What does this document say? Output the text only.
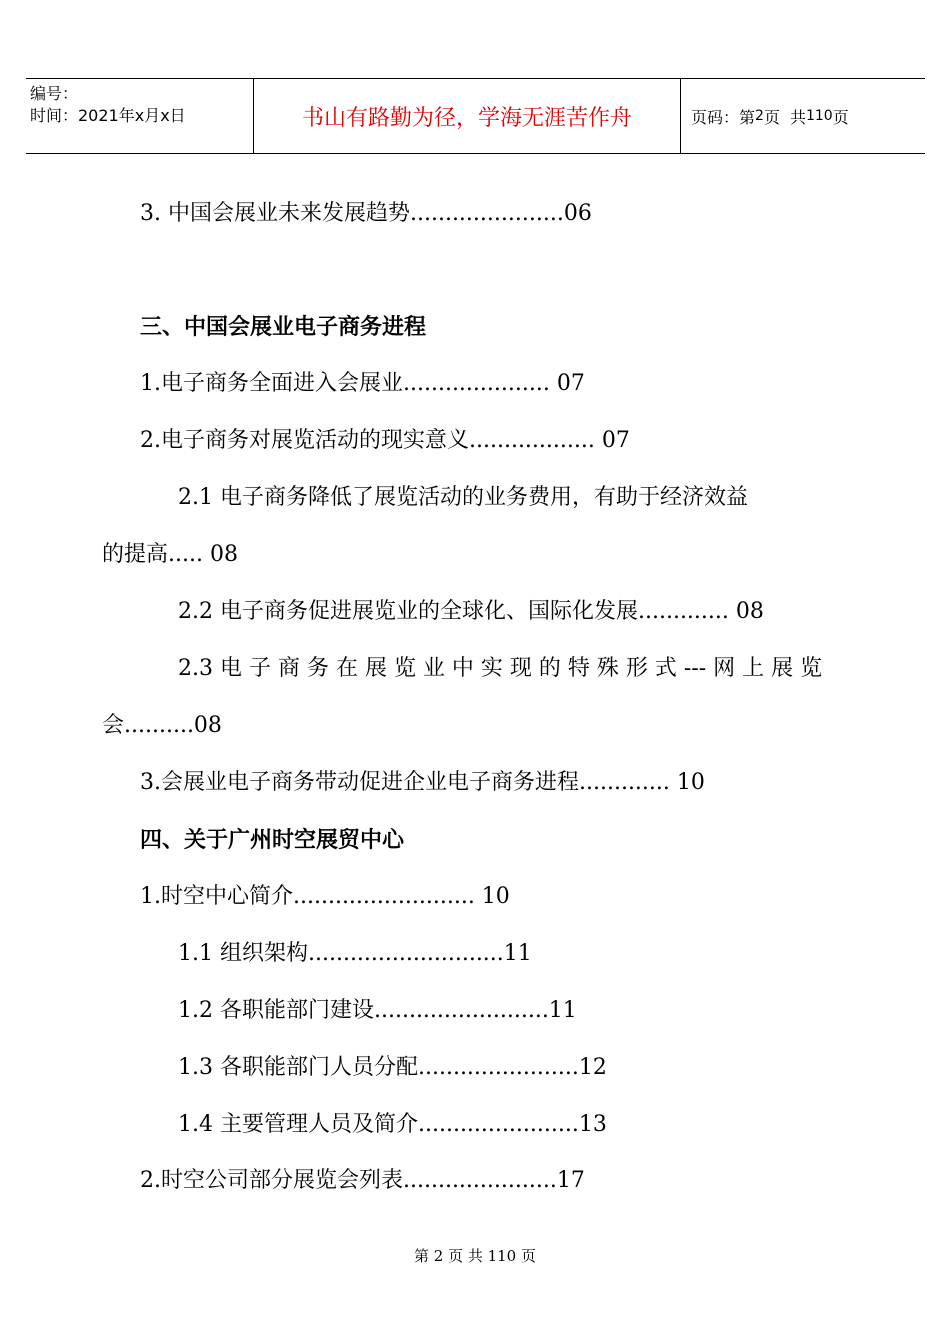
编号：
时间：2021年x月x日	书山有路勤为径，学海无涯苦作舟	页码：第 2 页 共 110 页
3. 中国会展业未来发展趋势......................06
三、中国会展业电子商务进程
1.电子商务全面进入会展业..................... 07
2.电子商务对展览活动的现实意义.................. 07
2.1 电子商务降低了展览活动的业务费用，有助于经济效益
的提高..... 08
2.2 电子商务促进展览业的全球化、国际化发展............. 08
2.3 电 子 商 务 在 展 览 业 中 实 现 的 特 殊 形 式 --- 网 上 展 览
会..........08
3.会展业电子商务带动促进企业电子商务进程............. 10
四、关于广州时空展贸中心
1.时空中心简介.......................... 10
1.1 组织架构............................11
1.2 各职能部门建设.........................11
1.3 各职能部门人员分配.......................12
1.4 主要管理人员及简介.......................13
2.时空公司部分展览会列表......................17
第 2 页 共 110 页
